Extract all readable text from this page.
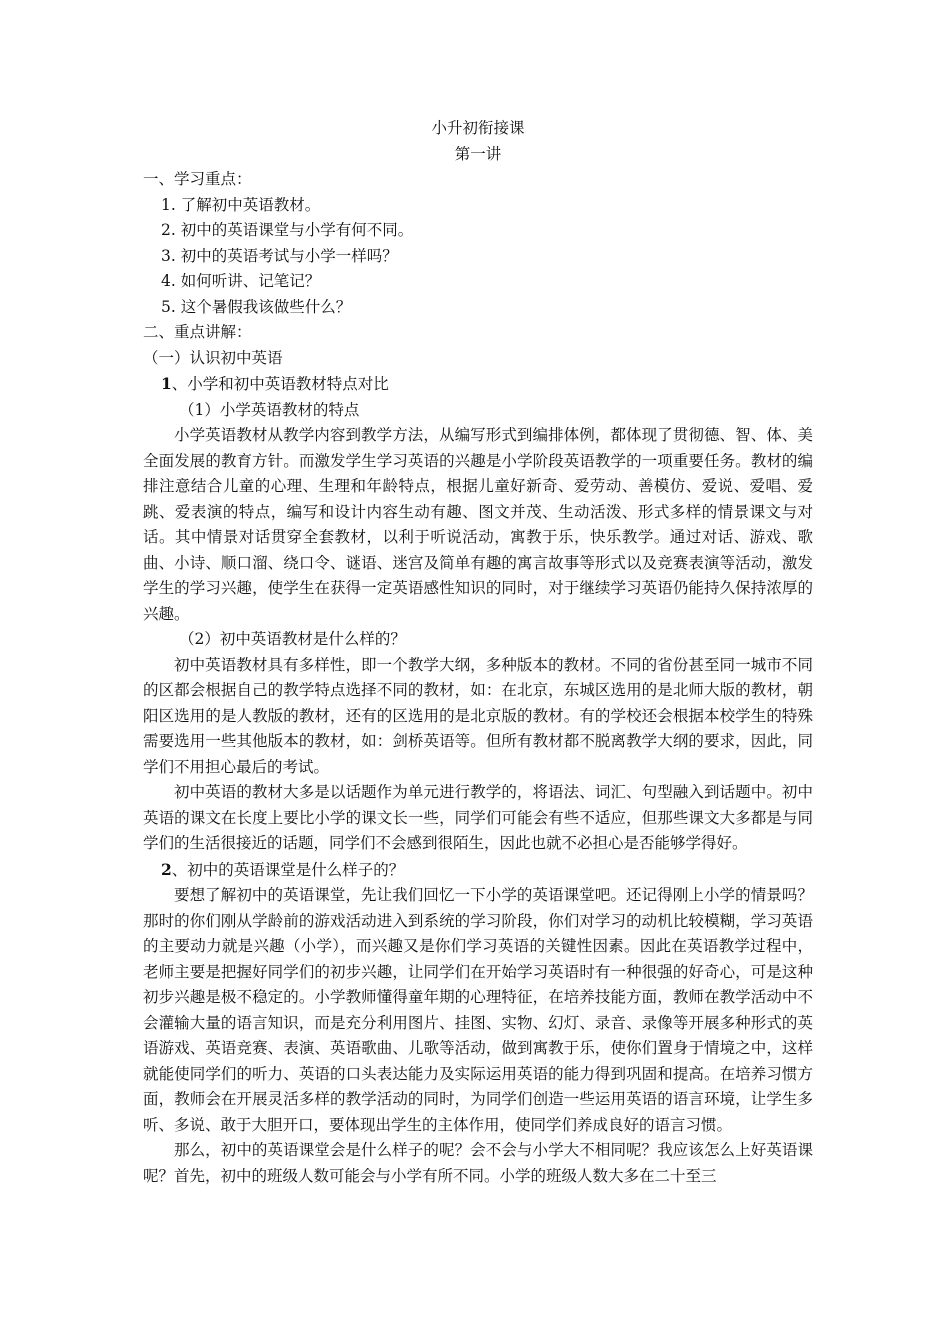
小升初衔接课
第一讲
一、学习重点：
1. 了解初中英语教材。
2. 初中的英语课堂与小学有何不同。
3. 初中的英语考试与小学一样吗？
4. 如何听讲、记笔记？
5. 这个暑假我该做些什么？
二、重点讲解：
（一）认识初中英语
1、小学和初中英语教材特点对比
（1）小学英语教材的特点

小学英语教材从教学内容到教学方法，从编写形式到编排体例，都体现了贯彻德、智、体、美全面发展的教育方针。而激发学生学习英语的兴趣是小学阶段英语教学的一项重要任务。教材的编排注意结合儿童的心理、生理和年龄特点，根据儿童好新奇、爱劳动、善模仿、爱说、爱唱、爱跳、爱表演的特点，编写和设计内容生动有趣、图文并茂、生动活泼、形式多样的情景课文与对话。其中情景对话贯穿全套教材，以利于听说活动，寓教于乐，快乐教学。通过对话、游戏、歌曲、小诗、顺口溜、绕口令、谜语、迷宫及简单有趣的寓言故事等形式以及竞赛表演等活动，激发学生的学习兴趣，使学生在获得一定英语感性知识的同时，对于继续学习英语仍能持久保持浓厚的兴趣。

（2）初中英语教材是什么样的？

初中英语教材具有多样性，即一个教学大纲，多种版本的教材。不同的省份甚至同一城市不同的区都会根据自己的教学特点选择不同的教材，如：在北京，东城区选用的是北师大版的教材，朝阳区选用的是人教版的教材，还有的区选用的是北京版的教材。有的学校还会根据本校学生的特殊需要选用一些其他版本的教材，如：剑桥英语等。但所有教材都不脱离教学大纲的要求，因此，同学们不用担心最后的考试。

初中英语的教材大多是以话题作为单元进行教学的，将语法、词汇、句型融入到话题中。初中英语的课文在长度上要比小学的课文长一些，同学们可能会有些不适应，但那些课文大多都是与同学们的生活很接近的话题，同学们不会感到很陌生，因此也就不必担心是否能够学得好。

2、初中的英语课堂是什么样子的？

要想了解初中的英语课堂，先让我们回忆一下小学的英语课堂吧。还记得刚上小学的情景吗？那时的你们刚从学龄前的游戏活动进入到系统的学习阶段，你们对学习的动机比较模糊，学习英语的主要动力就是兴趣（小学），而兴趣又是你们学习英语的关键性因素。因此在英语教学过程中，老师主要是把握好同学们的初步兴趣，让同学们在开始学习英语时有一种很强的好奇心，可是这种初步兴趣是极不稳定的。小学教师懂得童年期的心理特征，在培养技能方面，教师在教学活动中不会灌输大量的语言知识，而是充分利用图片、挂图、实物、幻灯、录音、录像等开展多种形式的英语游戏、英语竞赛、表演、英语歌曲、儿歌等活动，做到寓教于乐，使你们置身于情境之中，这样就能使同学们的听力、英语的口头表达能力及实际运用英语的能力得到巩固和提高。在培养习惯方面，教师会在开展灵活多样的教学活动的同时，为同学们创造一些运用英语的语言环境，让学生多听、多说、敢于大胆开口，要体现出学生的主体作用，使同学们养成良好的语言习惯。

那么，初中的英语课堂会是什么样子的呢？会不会与小学大不相同呢？我应该怎么上好英语课呢？首先，初中的班级人数可能会与小学有所不同。小学的班级人数大多在二十至三
